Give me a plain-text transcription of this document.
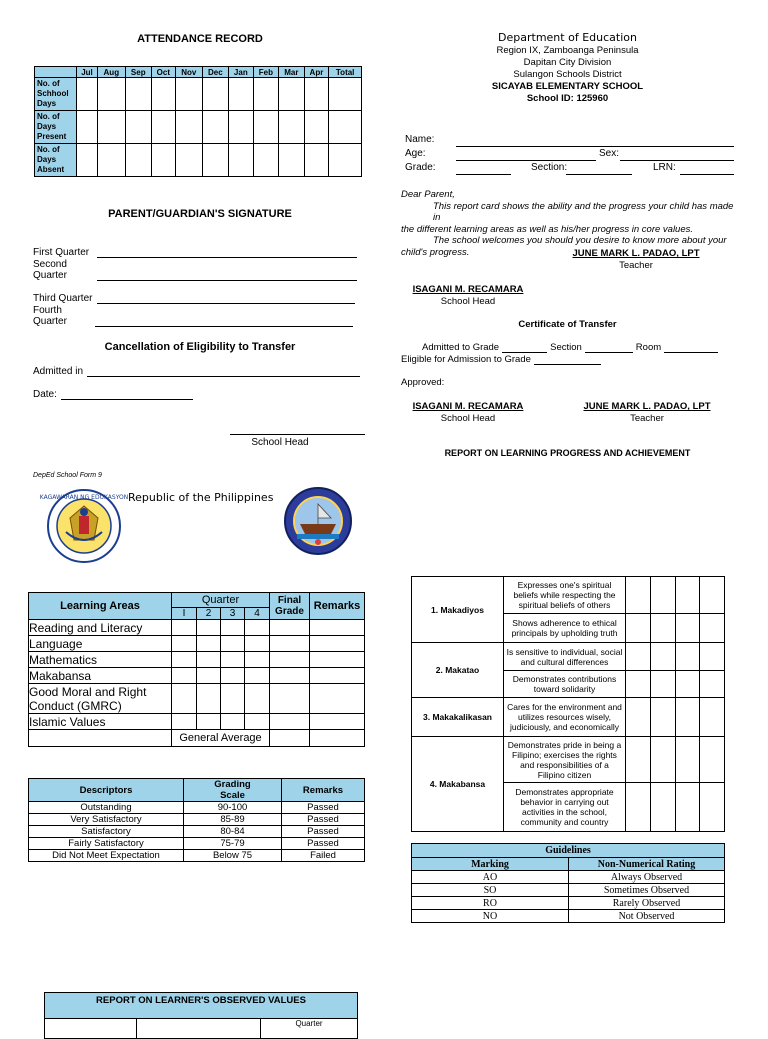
ATTENDANCE RECORD
	Jul	Aug	Sep	Oct	Nov	Dec	Jan	Feb	Mar	Apr	Total
No. of Schhool Days											
No. of Days Present											
No. of Days Absent											
PARENT/GUARDIAN'S SIGNATURE
First Quarter
Second Quarter
Third Quarter
Fourth Quarter
Cancellation of Eligibility to Transfer
Admitted in
Date:
School Head
DepEd School Form 9
KAGAWARAN NG EDUKASYON Republic of the Philippines
Department of Education
Region IX, Zamboanga Peninsula
Dapitan City Division
Sulangon Schools District
SICAYAB ELEMENTARY SCHOOL
School ID: 125960
Name:
Age:	Sex:
Grade:	Section:	LRN:
Dear Parent,
This report card shows the ability and the progress your child has made in
the different learning areas as well as his/her progress in core values.
The school welcomes you should you desire to know more about your
child's progress.	JUNE MARK L. PADAO, LPT
Teacher
ISAGANI M. RECAMARA
School Head
Certificate of Transfer
Admitted to Grade	Section	Room
Eligible for Admission to Grade
Approved:
ISAGANI M. RECAMARA
School Head
JUNE MARK L. PADAO, LPT
Teacher
REPORT ON LEARNING PROGRESS AND ACHIEVEMENT
Learning Areas	Quarter				Final Grade	Remarks
	I	2	3	4		
Reading and Literacy						
Language						
Mathematics						
Makabansa						
Good Moral and Right Conduct (GMRC)						
Islamic Values						
	General Average					
Descriptors	Grading Scale	Remarks
Outstanding	90-100	Passed
Very Satisfactory	85-89	Passed
Satisfactory	80-84	Passed
Fairly Satisfactory	75-79	Passed
Did Not Meet Expectation	Below 75	Failed
REPORT ON LEARNER'S OBSERVED VALUES
		Quarter
1. Makadiyos	Expresses one's spiritual beliefs while respecting the spiritual beliefs of others				
	Shows adherence to ethical principals by upholding truth				
2. Makatao	Is sensitive to individual, social and cultural differences				
	Demonstrates contributions toward solidarity				
3. Makakalikasan	Cares for the environment and utilizes resources wisely, judiciously, and economically				
4. Makabansa	Demonstrates pride in being a Filipino; exercises the rights and responsibilities of a Filipino citizen				
	Demonstrates appropriate behavior in carrying out activities in the school, community and country				
Guidelines	
Marking	Non-Numerical Rating
AO	Always Observed
SO	Sometimes Observed
RO	Rarely Observed
NO	Not Observed
